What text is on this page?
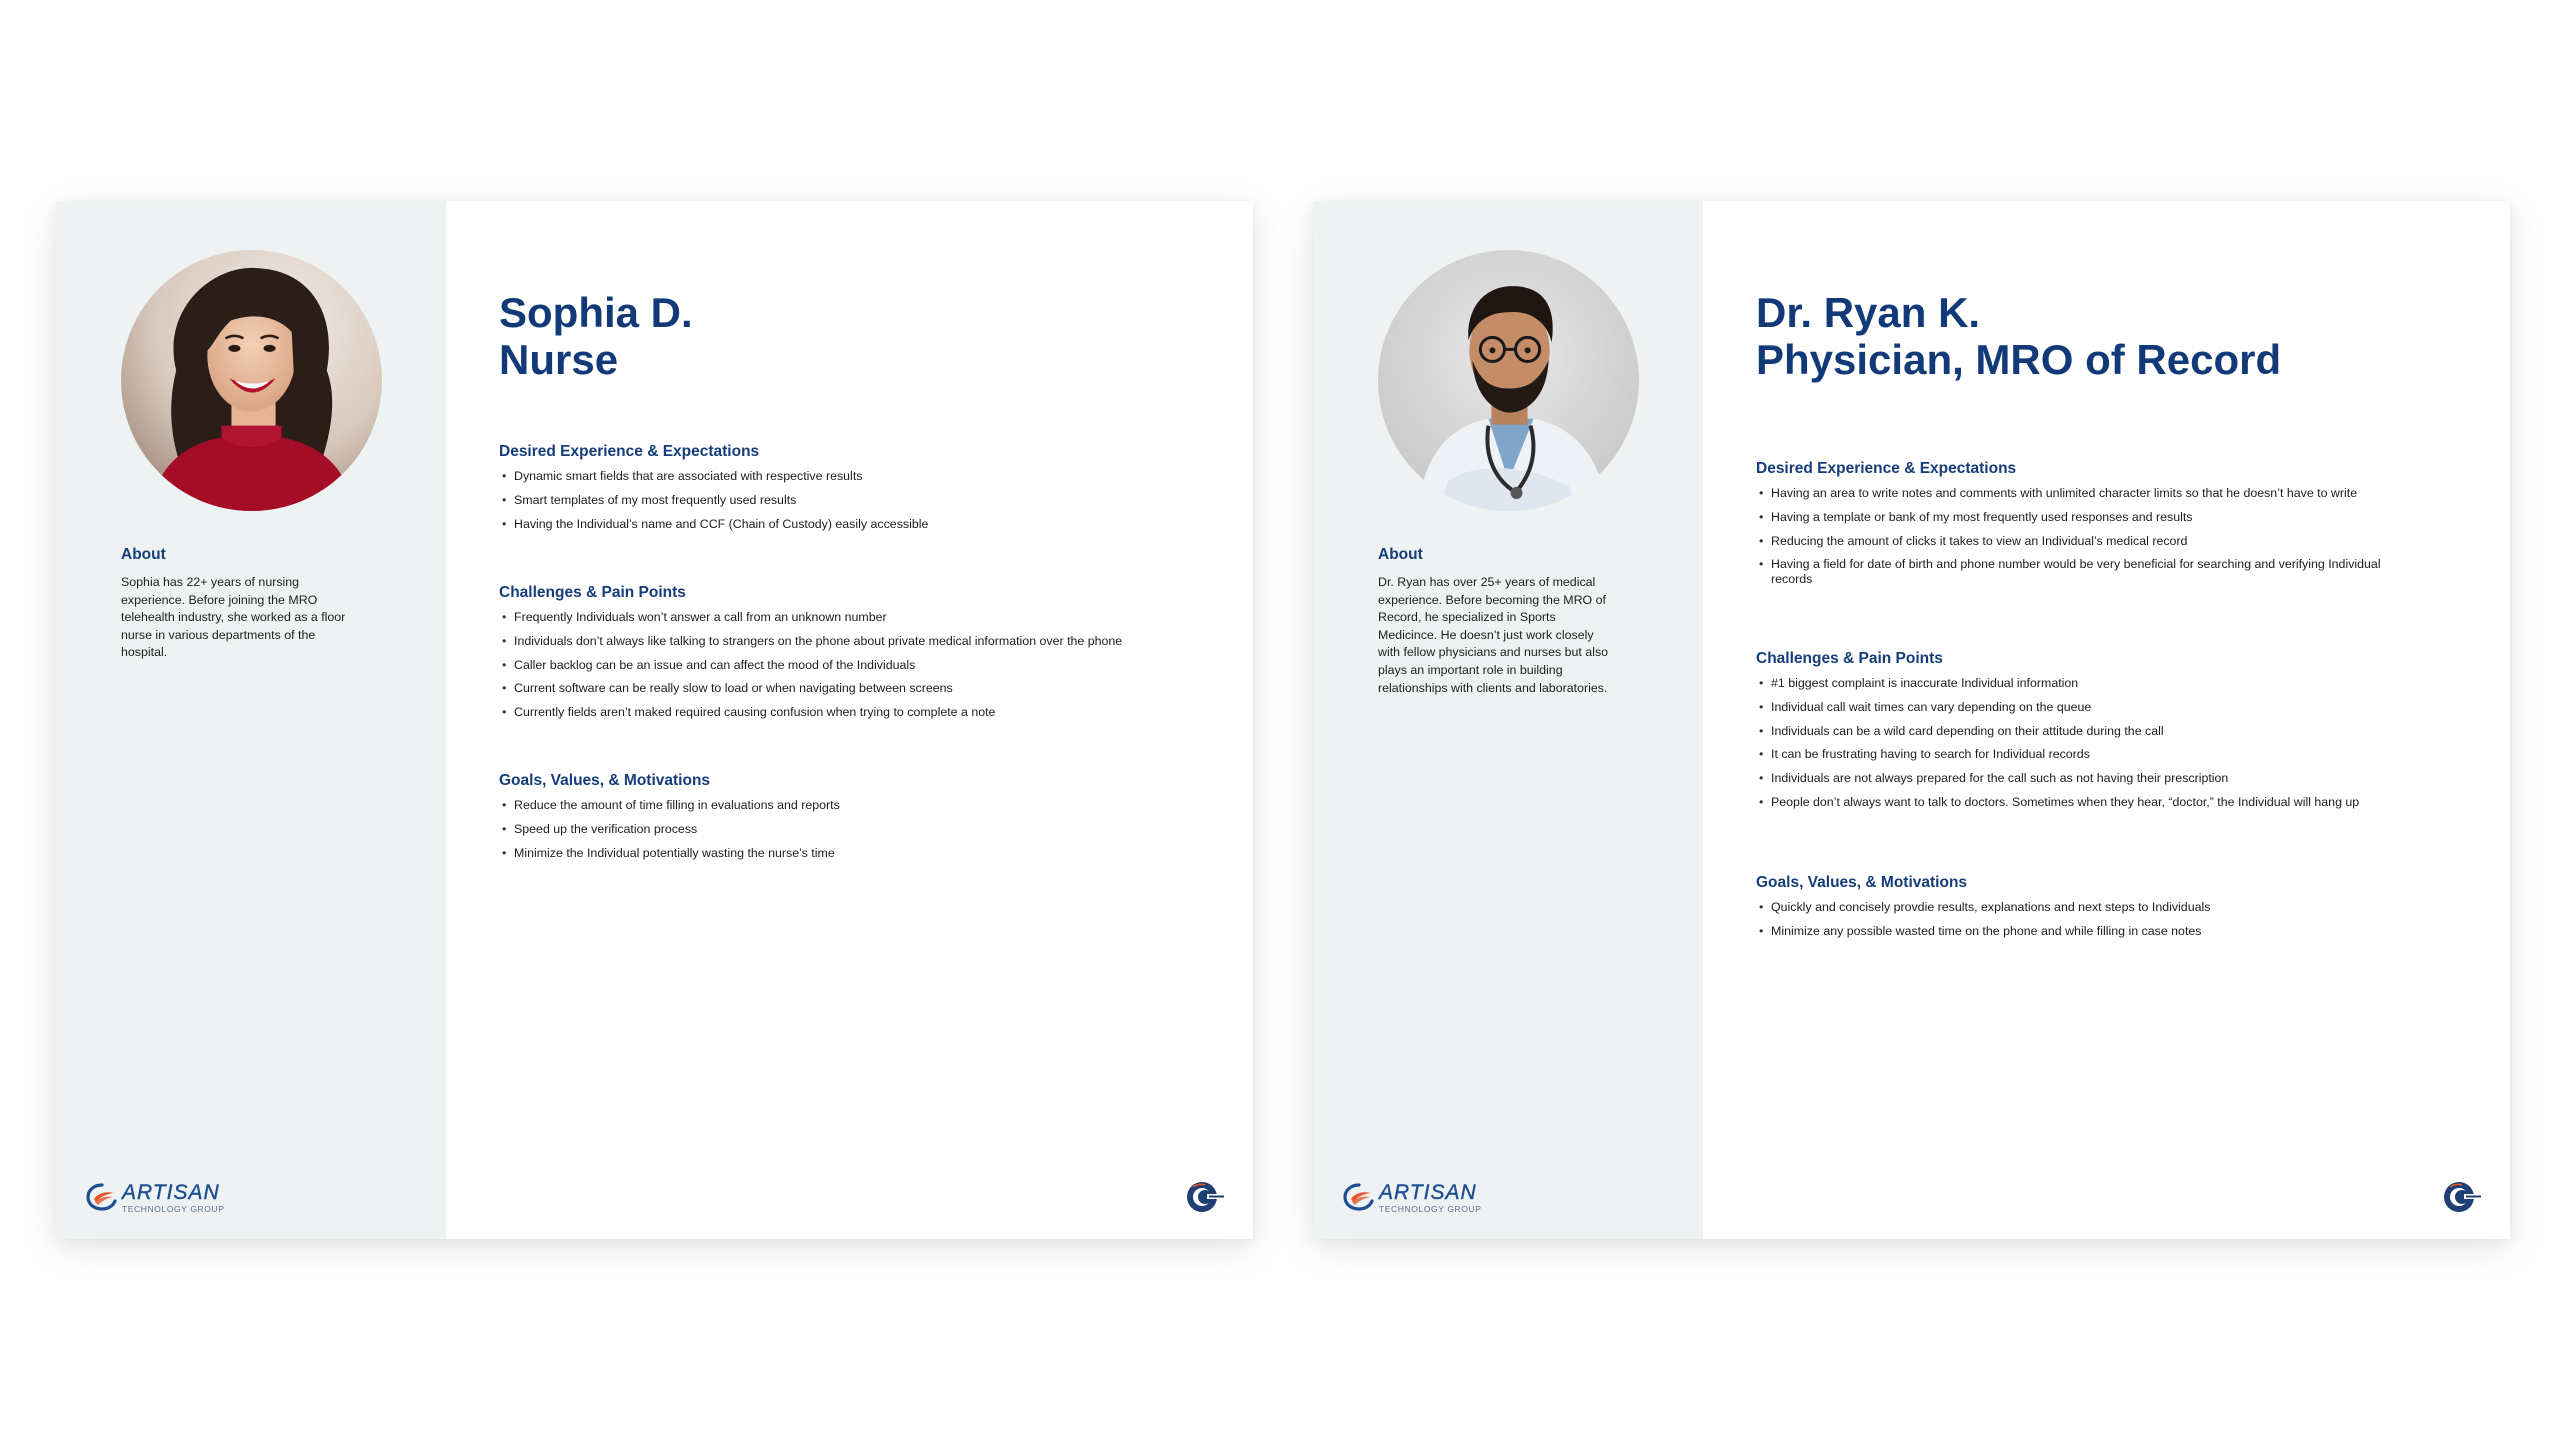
About

Sophia has 22+ years of nursing experience. Before joining the MRO telehealth industry, she worked as a floor nurse in various departments of the hospital.

ARTISAN
TECHNOLOGY GROUP
Sophia D.
Nurse
Desired Experience & Expectations
• Dynamic smart fields that are associated with respective results
• Smart templates of my most frequently used results
• Having the Individual’s name and CCF (Chain of Custody) easily accessible
Challenges & Pain Points
• Frequently Individuals won’t answer a call from an unknown number
• Individuals don’t always like talking to strangers on the phone about private medical information over the phone
• Caller backlog can be an issue and can affect the mood of the Individuals
• Current software can be really slow to load or when navigating between screens
• Currently fields aren’t maked required causing confusion when trying to complete a note
Goals, Values, & Motivations
• Reduce the amount of time filling in evaluations and reports
• Speed up the verification process
• Minimize the Individual potentially wasting the nurse’s time
About

Dr. Ryan has over 25+ years of medical experience. Before becoming the MRO of Record, he specialized in Sports Medicince. He doesn’t just work closely with fellow physicians and nurses but also plays an important role in building relationships with clients and laboratories.

ARTISAN
TECHNOLOGY GROUP
Dr. Ryan K.
Physician, MRO of Record
Desired Experience & Expectations
• Having an area to write notes and comments with unlimited character limits so that he doesn’t have to write
• Having a template or bank of my most frequently used responses and results
• Reducing the amount of clicks it takes to view an Individual’s medical record
• Having a field for date of birth and phone number would be very beneficial for searching and verifying Individual records
Challenges & Pain Points
• #1 biggest complaint is inaccurate Individual information
• Individual call wait times can vary depending on the queue
• Individuals can be a wild card depending on their attitude during the call
• It can be frustrating having to search for Individual records
• Individuals are not always prepared for the call such as not having their prescription
• People don’t always want to talk to doctors. Sometimes when they hear, “doctor,” the Individual will hang up
Goals, Values, & Motivations
• Quickly and concisely provdie results, explanations and next steps to Individuals
• Minimize any possible wasted time on the phone and while filling in case notes
